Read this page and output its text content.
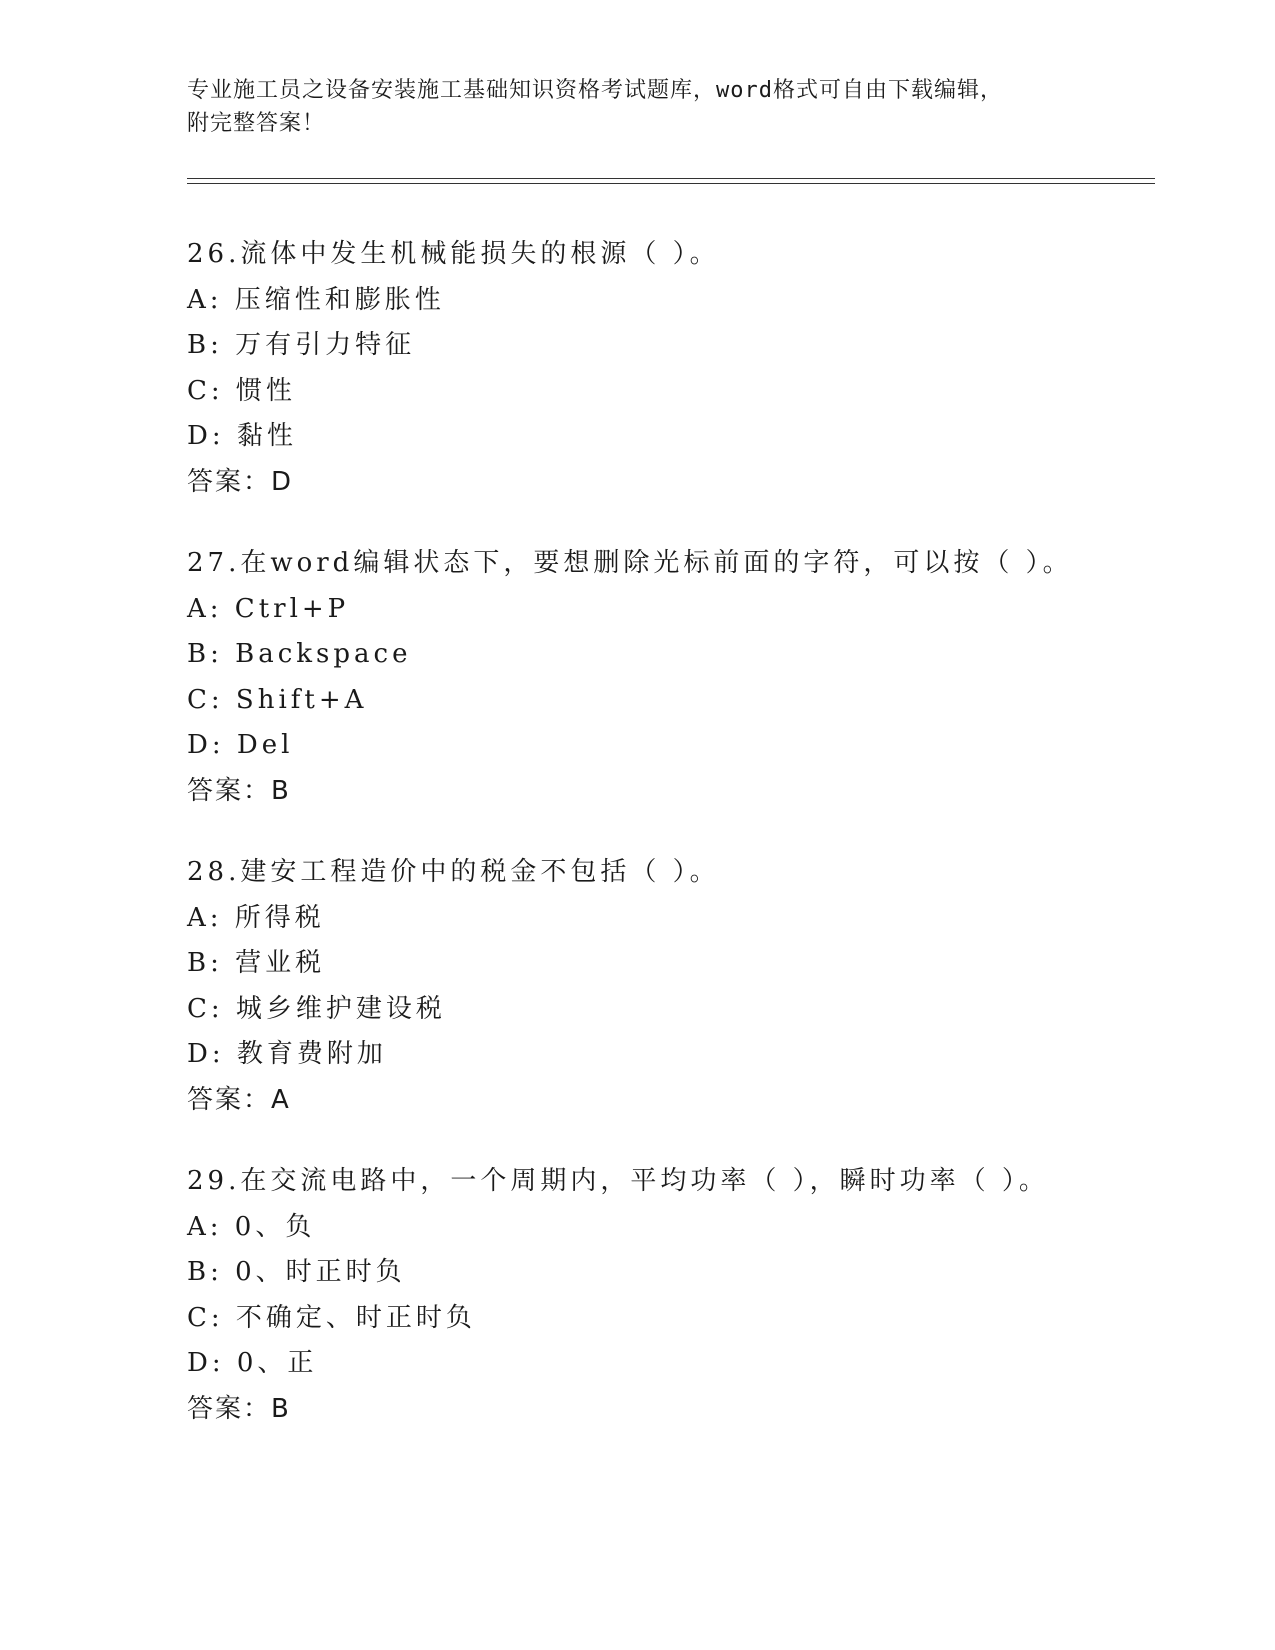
专业施工员之设备安装施工基础知识资格考试题库，word格式可自由下载编辑，
附完整答案！
26.流体中发生机械能损失的根源（ ）。
A: 压缩性和膨胀性
B: 万有引力特征
C: 惯性
D: 黏性
答案：D
27.在word编辑状态下，要想删除光标前面的字符，可以按（ ）。
A: Ctrl+P
B: Backspace
C: Shift+A
D: Del
答案：B
28.建安工程造价中的税金不包括（ ）。
A: 所得税
B: 营业税
C: 城乡维护建设税
D: 教育费附加
答案：A
29.在交流电路中，一个周期内，平均功率（ ），瞬时功率（ ）。
A: 0、负
B: 0、时正时负
C: 不确定、时正时负
D: 0、正
答案：B
